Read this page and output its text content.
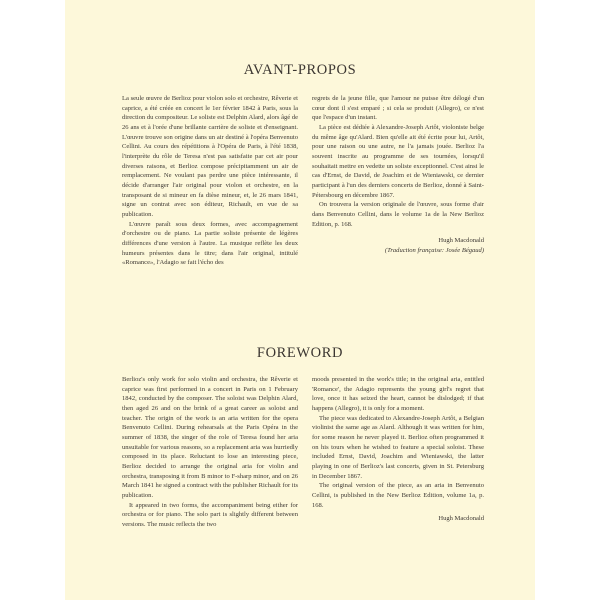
AVANT-PROPOS

La seule œuvre de Berlioz pour violon solo et orchestre, Rêverie et caprice, a été créée en concert le 1er février 1842 à Paris, sous la direction du compositeur. Le soliste est Delphin Alard, alors âgé de 26 ans et à l'orée d'une brillante carrière de soliste et d'enseignant. L'œuvre trouve son origine dans un air destiné à l'opéra Benvenuto Cellini. Au cours des répétitions à l'Opéra de Paris, à l'été 1838, l'interprète du rôle de Teresa n'est pas satisfaite par cet air pour diverses raisons, et Berlioz compose précipitamment un air de remplacement. Ne voulant pas perdre une pièce intéressante, il décide d'arranger l'air original pour violon et orchestre, en la transposant de si mineur en fa dièse mineur, et, le 26 mars 1841, signe un contrat avec son éditeur, Richault, en vue de sa publication.

L'œuvre paraît sous deux formes, avec accompagnement d'orchestre ou de piano. La partie soliste présente de légères différences d'une version à l'autre. La musique reflète les deux humeurs présentes dans le titre; dans l'air original, intitulé «Romance», l'Adagio se fait l'écho des

regrets de la jeune fille, que l'amour ne puisse être délogé d'un cœur dont il s'est emparé ; si cela se produit (Allegro), ce n'est que l'espace d'un instant.

La pièce est dédiée à Alexandre-Joseph Artôt, violoniste belge du même âge qu'Alard. Bien qu'elle ait été écrite pour lui, Artôt, pour une raison ou une autre, ne l'a jamais jouée. Berlioz l'a souvent inscrite au programme de ses tournées, lorsqu'il souhaitait mettre en vedette un soliste exceptionnel. C'est ainsi le cas d'Ernst, de David, de Joachim et de Wieniawski, ce dernier participant à l'un des derniers concerts de Berlioz, donné à Saint-Pétersbourg en décembre 1867.

On trouvera la version originale de l'œuvre, sous forme d'air dans Benvenuto Cellini, dans le volume 1a de la New Berlioz Edition, p. 168.

Hugh Macdonald

(Traduction française: Josée Bégaud)

FOREWORD

Berlioz's only work for solo violin and orchestra, the Rêverie et caprice was first performed in a concert in Paris on 1 February 1842, conducted by the composer. The soloist was Delphin Alard, then aged 26 and on the brink of a great career as soloist and teacher. The origin of the work is an aria written for the opera Benvenuto Cellini. During rehearsals at the Paris Opéra in the summer of 1838, the singer of the role of Teresa found her aria unsuitable for various reasons, so a replacement aria was hurriedly composed in its place. Reluctant to lose an interesting piece, Berlioz decided to arrange the original aria for violin and orchestra, transposing it from B minor to F-sharp minor, and on 26 March 1841 he signed a contract with the publisher Richault for its publication.

It appeared in two forms, the accompaniment being either for orchestra or for piano. The solo part is slightly different between versions. The music reflects the two

moods presented in the work's title; in the original aria, entitled 'Romance', the Adagio represents the young girl's regret that love, once it has seized the heart, cannot be dislodged; if that happens (Allegro), it is only for a moment.

The piece was dedicated to Alexandre-Joseph Artôt, a Belgian violinist the same age as Alard. Although it was written for him, for some reason he never played it. Berlioz often programmed it on his tours when he wished to feature a special soloist. These included Ernst, David, Joachim and Wieniawski, the latter playing in one of Berlioz's last concerts, given in St. Petersburg in December 1867.

The original version of the piece, as an aria in Benvenuto Cellini, is published in the New Berlioz Edition, volume 1a, p. 168.

Hugh Macdonald
